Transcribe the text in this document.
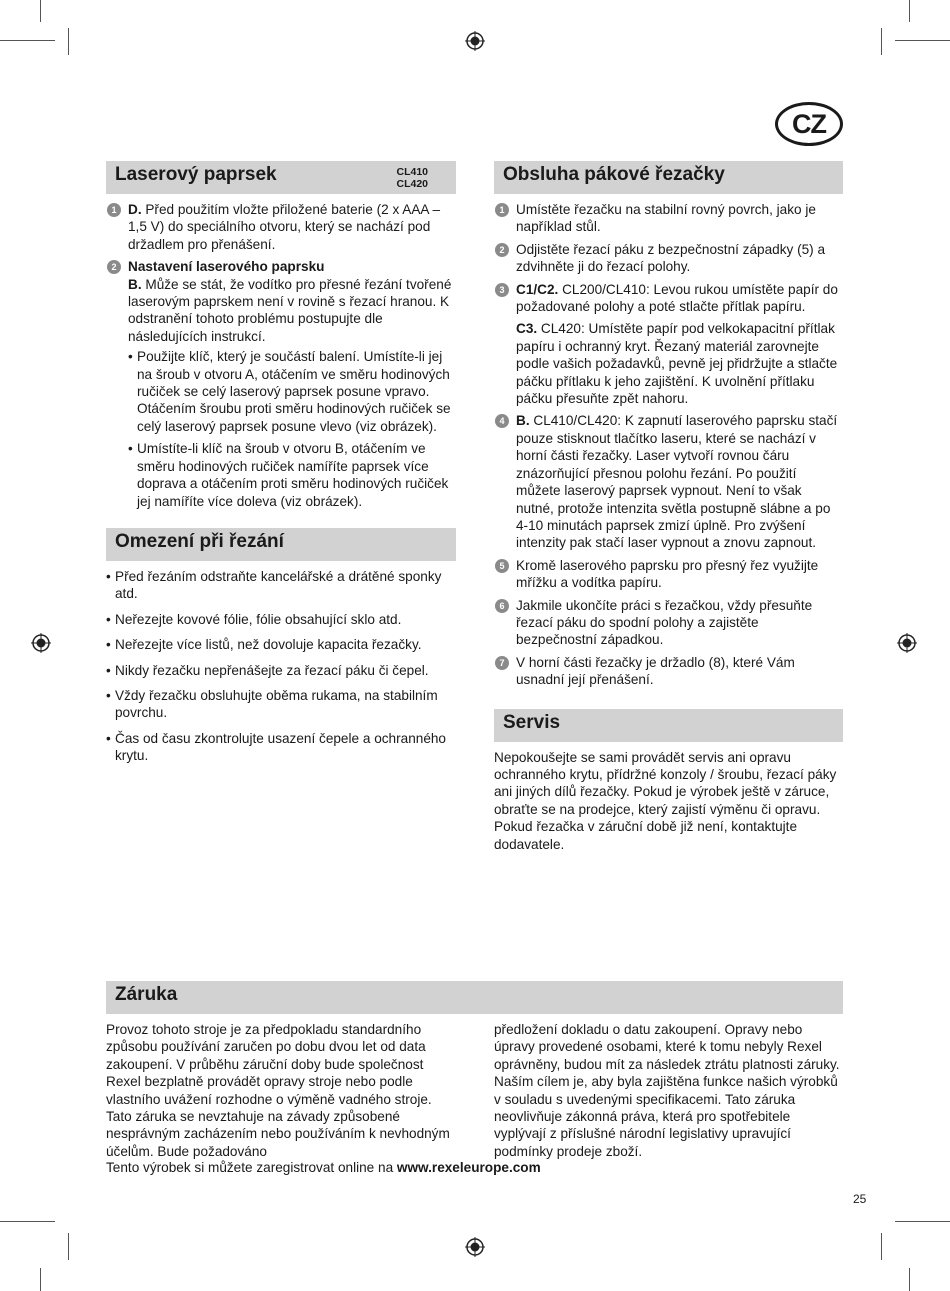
CZ
Laserový paprsek	CL410
CL420
1 D. Před použitím vložte přiložené baterie (2 x AAA – 1,5 V) do speciálního otvoru, který se nachází pod držadlem pro přenášení.

2 Nastavení laserového paprsku

B. Může se stát, že vodítko pro přesné řezání tvořené laserovým paprskem není v rovině s řezací hranou. K odstranění tohoto problému postupujte dle následujících instrukcí.

• Použijte klíč, který je součástí balení. Umístíte-li jej na šroub v otvoru A, otáčením ve směru hodinových ručiček se celý laserový paprsek posune vpravo. Otáčením šroubu proti směru hodinových ručiček se celý laserový paprsek posune vlevo (viz obrázek).
• Umístíte-li klíč na šroub v otvoru B, otáčením ve směru hodinových ručiček namíříte paprsek více doprava a otáčením proti směru hodinových ručiček jej namíříte více doleva (viz obrázek).
Omezení při řezání
• Před řezáním odstraňte kancelářské a drátěné sponky atd.
• Neřezejte kovové fólie, fólie obsahující sklo atd.
• Neřezejte více listů, než dovoluje kapacita řezačky.
• Nikdy řezačku nepřenášejte za řezací páku či čepel.
• Vždy řezačku obsluhujte oběma rukama, na stabilním povrchu.
• Čas od času zkontrolujte usazení čepele a ochranného krytu.
Obsluha pákové řezačky
1 Umístěte řezačku na stabilní rovný povrch, jako je například stůl.

2 Odjistěte řezací páku z bezpečnostní západky (5) a zdvihněte ji do řezací polohy.

3 C1/C2. CL200/CL410: Levou rukou umístěte papír do požadované polohy a poté stlačte přítlak papíru.

C3. CL420: Umístěte papír pod velkokapacitní přítlak papíru i ochranný kryt. Řezaný materiál zarovnejte podle vašich požadavků, pevně jej přidržujte a stlačte páčku přítlaku k jeho zajištění. K uvolnění přítlaku páčku přesuňte zpět nahoru.

4 B. CL410/CL420: K zapnutí laserového paprsku stačí pouze stisknout tlačítko laseru, které se nachází v horní části řezačky. Laser vytvoří rovnou čáru znázorňující přesnou polohu řezání. Po použití můžete laserový paprsek vypnout. Není to však nutné, protože intenzita světla postupně slábne a po 4-10 minutách paprsek zmizí úplně. Pro zvýšení intenzity pak stačí laser vypnout a znovu zapnout.

5 Kromě laserového paprsku pro přesný řez využijte mřížku a vodítka papíru.

6 Jakmile ukončíte práci s řezačkou, vždy přesuňte řezací páku do spodní polohy a zajistěte bezpečnostní západkou.

7 V horní části řezačky je držadlo (8), které Vám usnadní její přenášení.

Servis

Nepokoušejte se sami provádět servis ani opravu ochranného krytu, přídržné konzoly / šroubu, řezací páky ani jiných dílů řezačky. Pokud je výrobek ještě v záruce, obraťte se na prodejce, který zajistí výměnu či opravu. Pokud řezačka v záruční době již není, kontaktujte dodavatele.

Záruka

Provoz tohoto stroje je za předpokladu standardního způsobu používání zaručen po dobu dvou let od data zakoupení. V průběhu záruční doby bude společnost Rexel bezplatně provádět opravy stroje nebo podle vlastního uvážení rozhodne o výměně vadného stroje. Tato záruka se nevztahuje na závady způsobené nesprávným zacházením nebo používáním k nevhodným účelům. Bude požadováno

předložení dokladu o datu zakoupení. Opravy nebo úpravy provedené osobami, které k tomu nebyly Rexel oprávněny, budou mít za následek ztrátu platnosti záruky. Naším cílem je, aby byla zajištěna funkce našich výrobků v souladu s uvedenými specifikacemi. Tato záruka neovlivňuje zákonná práva, která pro spotřebitele vyplývají z příslušné národní legislativy upravující podmínky prodeje zboží.

Tento výrobek si můžete zaregistrovat online na www.rexeleurope.com

25
